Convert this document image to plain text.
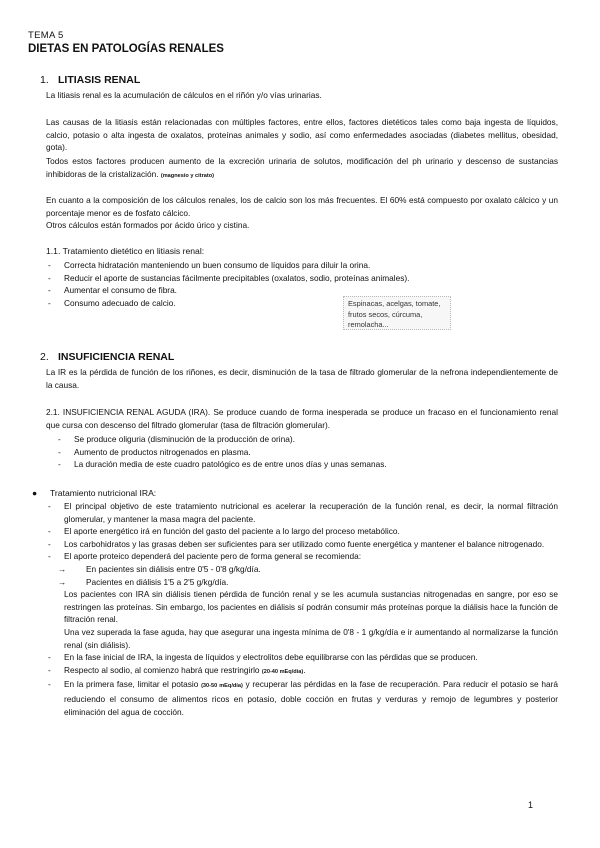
TEMA 5
DIETAS EN PATOLOGÍAS RENALES
1. LITIASIS RENAL

La litiasis renal es la acumulación de cálculos en el riñón y/o vías urinarias.

Las causas de la litiasis están relacionadas con múltiples factores, entre ellos, factores dietéticos tales como baja ingesta de líquidos, calcio, potasio o alta ingesta de oxalatos, proteínas animales y sodio, así como enfermedades asociadas (diabetes mellitus, obesidad, gota).

Todos estos factores producen aumento de la excreción urinaria de solutos, modificación del ph urinario y descenso de sustancias inhibidoras de la cristalización. (magnesio y citrato)

En cuanto a la composición de los cálculos renales, los de calcio son los más frecuentes. El 60% está compuesto por oxalato cálcico y un porcentaje menor es de fosfato cálcico.

Otros cálculos están formados por ácido úrico y cistina.

1.1. Tratamiento dietético en litiasis renal:
- Correcta hidratación manteniendo un buen consumo de líquidos para diluir la orina.
- Reducir el aporte de sustancias fácilmente precipitables (oxalatos, sodio, proteínas animales).
- Aumentar el consumo de fibra.
- Consumo adecuado de calcio.	Espinacas, acelgas, tomate, frutos secos, cúrcuma, remolacha...
2. INSUFICIENCIA RENAL

La IR es la pérdida de función de los riñones, es decir, disminución de la tasa de filtrado glomerular de la nefrona independientemente de la causa.

2.1. INSUFICIENCIA RENAL AGUDA (IRA). Se produce cuando de forma inesperada se produce un fracaso en el funcionamiento renal que cursa con descenso del filtrado glomerular (tasa de filtración glomerular).

- Se produce oliguria (disminución de la producción de orina).
- Aumento de productos nitrogenados en plasma.
- La duración media de este cuadro patológico es de entre unos días y unas semanas.
● Tratamiento nutricional IRA:
- El principal objetivo de este tratamiento nutricional es acelerar la recuperación de la función renal, es decir, la normal filtración glomerular, y mantener la masa magra del paciente.
- El aporte energético irá en función del gasto del paciente a lo largo del proceso metabólico.
- Los carbohidratos y las grasas deben ser suficientes para ser utilizado como fuente energética y mantener el balance nitrogenado.
- El aporte proteico dependerá del paciente pero de forma general se recomienda:
→ En pacientes sin diálisis entre 0'5 - 0'8 g/kg/día.
→ Pacientes en diálisis 1'5 a 2'5 g/kg/día.
Los pacientes con IRA sin diálisis tienen pérdida de función renal y se les acumula sustancias nitrogenadas en sangre, por eso se restringen las proteínas. Sin embargo, los pacientes en diálisis sí podrán consumir más proteínas porque la diálisis hace la función de filtración renal.
Una vez superada la fase aguda, hay que asegurar una ingesta mínima de 0'8 - 1 g/kg/día e ir aumentando al normalizarse la función renal (sin diálisis).
- En la fase inicial de IRA, la ingesta de líquidos y electrolitos debe equilibrarse con las pérdidas que se producen.
- Respecto al sodio, al comienzo habrá que restringirlo (20-40 mEq/día).
- En la primera fase, limitar el potasio (30-50 mEq/día) y recuperar las pérdidas en la fase de recuperación. Para reducir el potasio se hará reduciendo el consumo de alimentos ricos en potasio, doble cocción en frutas y verduras y remojo de legumbres y posterior eliminación del agua de cocción.
1
